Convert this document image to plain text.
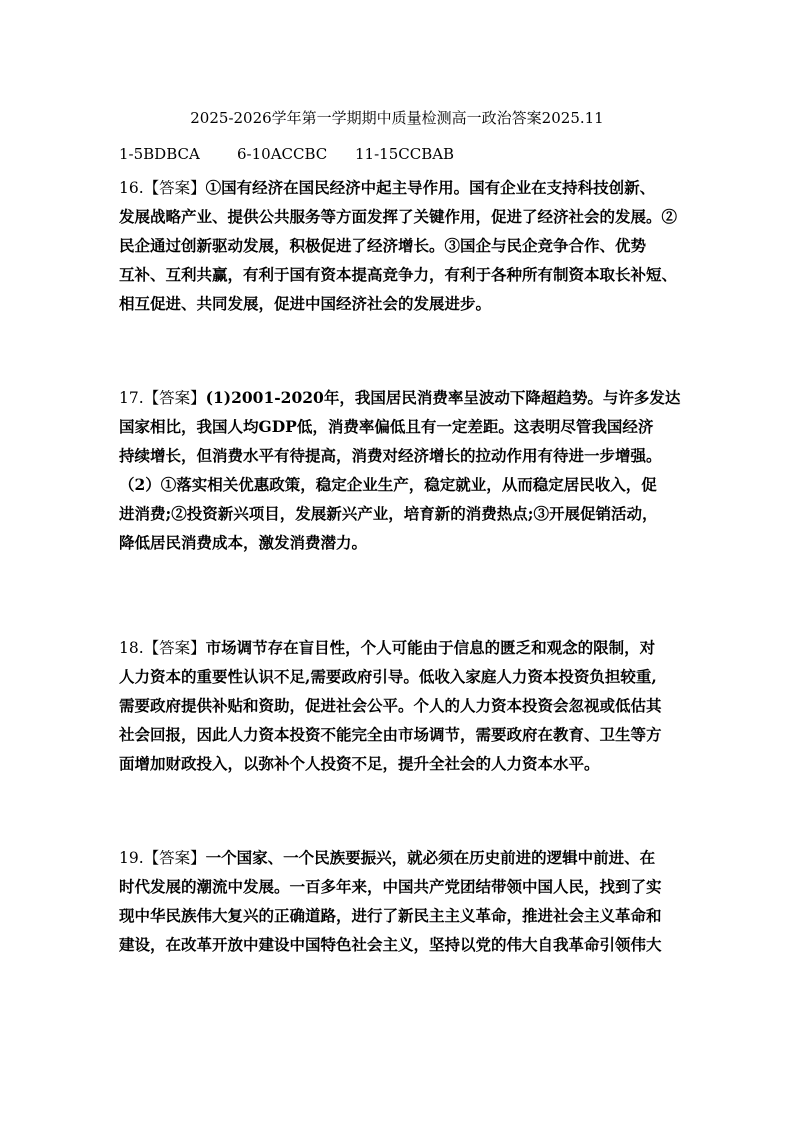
2025-2026学年第一学期期中质量检测高一政治答案2025.11
1-5BDBCA 6-10ACCBC 11-15CCBAB
16.【答案】①国有经济在国民经济中起主导作用。国有企业在支持科技创新、
发展战略产业、提供公共服务等方面发挥了关键作用，促进了经济社会的发展。②
民企通过创新驱动发展，积极促进了经济增长。③国企与民企竞争合作、优势
互补、互利共赢，有利于国有资本提高竞争力，有利于各种所有制资本取长补短、
相互促进、共同发展，促进中国经济社会的发展进步。
17.【答案】(1)2001-2020年，我国居民消费率呈波动下降超趋势。与许多发达
国家相比，我国人均GDP低，消费率偏低且有一定差距。这表明尽管我国经济
持续增长，但消费水平有待提高，消费对经济增长的拉动作用有待进一步增强。
（2）①落实相关优惠政策，稳定企业生产，稳定就业，从而稳定居民收入，促
进消费;②投资新兴项目，发展新兴产业，培育新的消费热点;③开展促销活动，
降低居民消费成本，激发消费潜力。
18.【答案】市场调节存在盲目性，个人可能由于信息的匮乏和观念的限制，对
人力资本的重要性认识不足,需要政府引导。低收入家庭人力资本投资负担较重,
需要政府提供补贴和资助，促进社会公平。个人的人力资本投资会忽视或低估其
社会回报，因此人力资本投资不能完全由市场调节，需要政府在教育、卫生等方
面增加财政投入，以弥补个人投资不足，提升全社会的人力资本水平。
19.【答案】一个国家、一个民族要振兴，就必须在历史前进的逻辑中前进、在
时代发展的潮流中发展。一百多年来，中国共产党团结带领中国人民，找到了实
现中华民族伟大复兴的正确道路，进行了新民主主义革命，推进社会主义革命和
建设，在改革开放中建设中国特色社会主义，坚持以党的伟大自我革命引领伟大
